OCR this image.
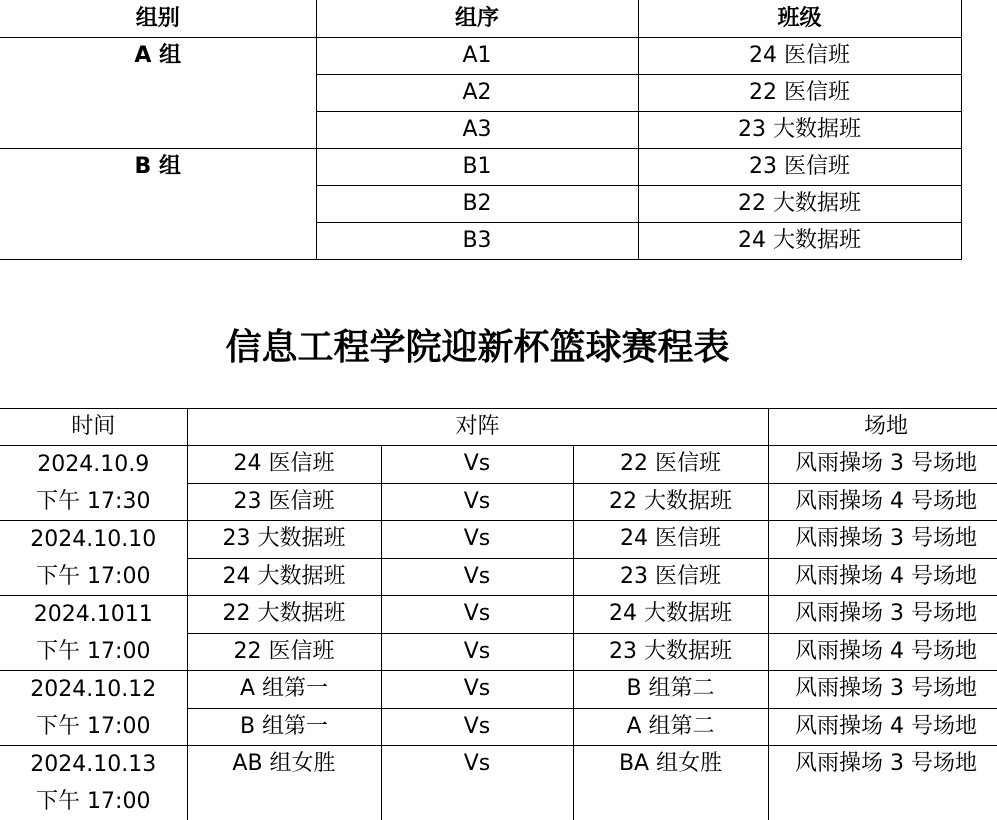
组别	组序	班级
A 组	A1	24 医信班
	A2	22 医信班
	A3	23 大数据班
B 组	B1	23 医信班
	B2	22 大数据班
	B3	24 大数据班
信息工程学院迎新杯篮球赛程表
时间	对阵			场地

2024.10.9
下午 17:30	24 医信班	Vs	22 医信班	风雨操场 3 号场地
	23 医信班	Vs	22 大数据班	风雨操场 4 号场地

2024.10.10
下午 17:00	23 大数据班	Vs	24 医信班	风雨操场 3 号场地
	24 大数据班	Vs	23 医信班	风雨操场 4 号场地

2024.1011
下午 17:00	22 大数据班	Vs	24 大数据班	风雨操场 3 号场地
	22 医信班	Vs	23 大数据班	风雨操场 4 号场地

2024.10.12
下午 17:00	A 组第一	Vs	B 组第二	风雨操场 3 号场地
	B 组第一	Vs	A 组第二	风雨操场 4 号场地

2024.10.13
下午 17:00	AB 组女胜	Vs	BA 组女胜	风雨操场 3 号场地
